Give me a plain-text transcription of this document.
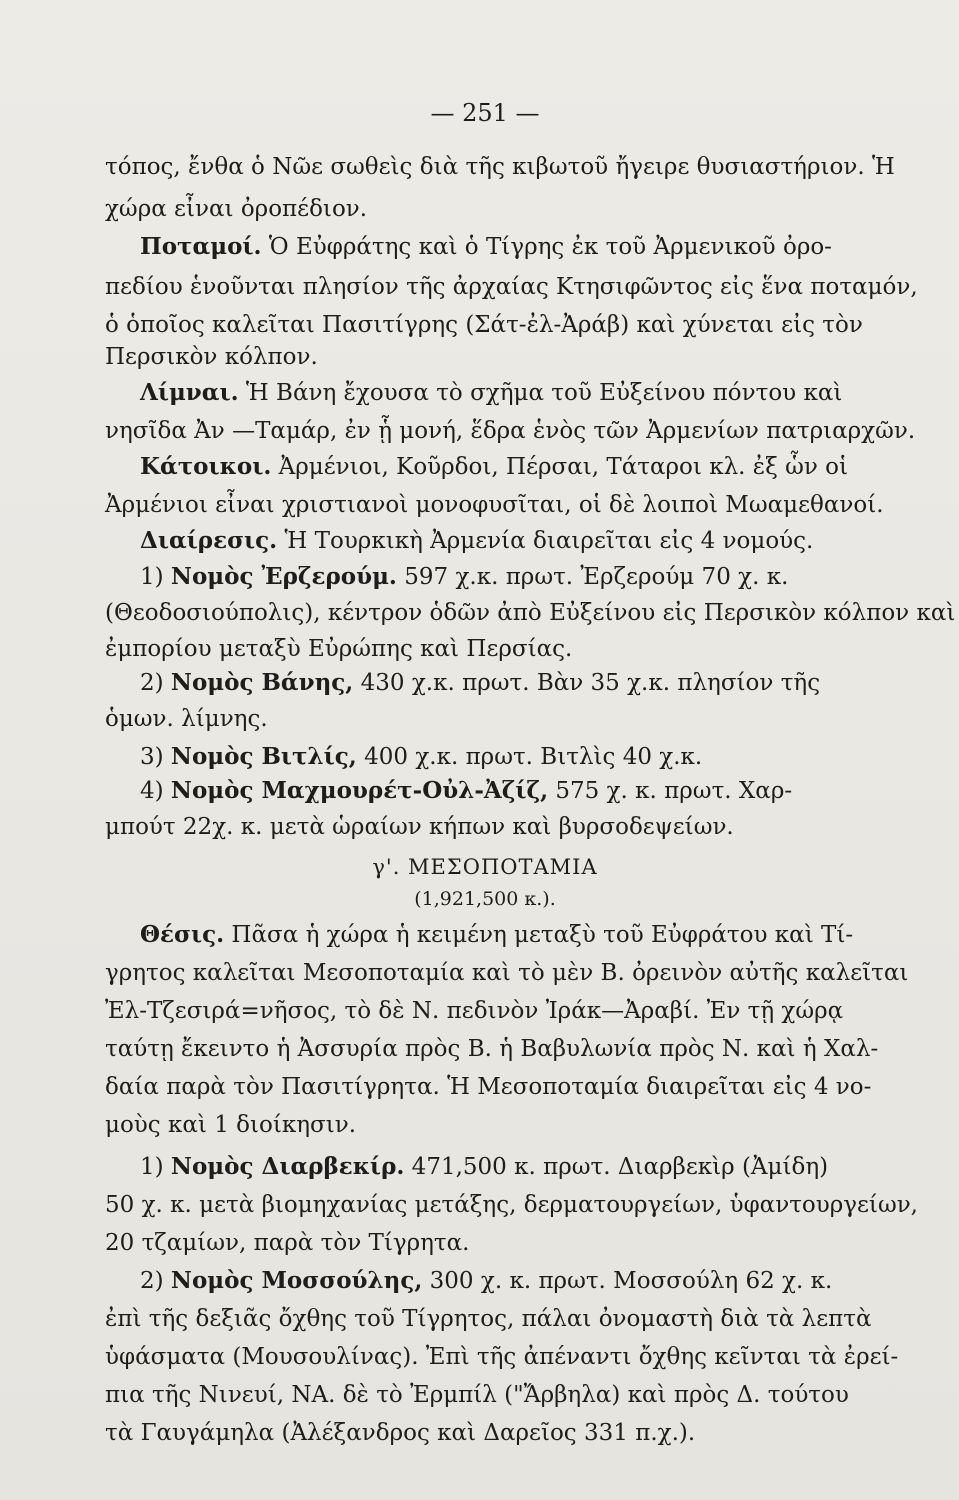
— 251 —
τόπος, ἔνθα ὁ Νῶε σωθεὶς διὰ τῆς κιβωτοῦ ἤγειρε θυσιαστήριον. Ἡ
χώρα εἶναι ὀροπέδιον.
Ποταμοί. Ὁ Εὐφράτης καὶ ὁ Τίγρης ἐκ τοῦ Ἀρμενικοῦ ὀρο-
πεδίου ἑνοῦνται πλησίον τῆς ἀρχαίας Κτησιφῶντος εἰς ἕνα ποταμόν,
ὁ ὁποῖος καλεῖται Πασιτίγρης (Σάτ-ἐλ-Ἀράβ) καὶ χύνεται εἰς τὸν
Περσικὸν κόλπον.
Λίμναι. Ἡ Βάνη ἔχουσα τὸ σχῆμα τοῦ Εὐξείνου πόντου καὶ
νησῖδα Ἀν —Ταμάρ, ἐν ᾗ μονή, ἕδρα ἑνὸς τῶν Ἀρμενίων πατριαρχῶν.
Κάτοικοι. Ἀρμένιοι, Κοῦρδοι, Πέρσαι, Τάταροι κλ. ἐξ ὧν οἱ
Ἀρμένιοι εἶναι χριστιανοὶ μονοφυσῖται, οἱ δὲ λοιποὶ Μωαμεθανοί.
Διαίρεσις. Ἡ Τουρκικὴ Ἀρμενία διαιρεῖται εἰς 4 νομούς.
1) Νομὸς Ἐρζερούμ. 597 χ.κ. πρωτ. Ἐρζερούμ 70 χ. κ.
(Θεοδοσιούπολις), κέντρον ὁδῶν ἀπὸ Εὐξείνου εἰς Περσικὸν κόλπον καὶ
ἐμπορίου μεταξὺ Εὐρώπης καὶ Περσίας.
2) Νομὸς Βάνης, 430 χ.κ. πρωτ. Βὰν 35 χ.κ. πλησίον τῆς
ὁμων. λίμνης.
3) Νομὸς Βιτλίς, 400 χ.κ. πρωτ. Βιτλὶς 40 χ.κ.
4) Νομὸς Μαχμουρέτ-Οὐλ-Ἀζίζ, 575 χ. κ. πρωτ. Χαρ-
μπούτ 22χ. κ. μετὰ ὡραίων κήπων καὶ βυρσοδεψείων.
γ'. ΜΕΣΟΠΟΤΑΜΙΑ
(1,921,500 κ.).
Θέσις. Πᾶσα ἡ χώρα ἡ κειμένη μεταξὺ τοῦ Εὐφράτου καὶ Τί-
γρητος καλεῖται Μεσοποταμία καὶ τὸ μὲν Β. ὀρεινὸν αὐτῆς καλεῖται
Ἐλ-Τζεσιρά=νῆσος, τὸ δὲ Ν. πεδινὸν Ἰράκ—Ἀραβί. Ἐν τῇ χώρᾳ
ταύτῃ ἔκειντο ἡ Ἀσσυρία πρὸς Β. ἡ Βαβυλωνία πρὸς Ν. καὶ ἡ Χαλ-
δαία παρὰ τὸν Πασιτίγρητα. Ἡ Μεσοποταμία διαιρεῖται εἰς 4 νο-
μοὺς καὶ 1 διοίκησιν.
1) Νομὸς Διαρβεκίρ. 471,500 κ. πρωτ. Διαρβεκὶρ (Ἀμίδη)
50 χ. κ. μετὰ βιομηχανίας μετάξης, δερματουργείων, ὑφαντουργείων,
20 τζαμίων, παρὰ τὸν Τίγρητα.
2) Νομὸς Μοσσούλης, 300 χ. κ. πρωτ. Μοσσούλη 62 χ. κ.
ἐπὶ τῆς δεξιᾶς ὄχθης τοῦ Τίγρητος, πάλαι ὀνομαστὴ διὰ τὰ λεπτὰ
ὑφάσματα (Μουσουλίνας). Ἐπὶ τῆς ἀπέναντι ὄχθης κεῖνται τὰ ἐρεί-
πια τῆς Νινευί, ΝΑ. δὲ τὸ Ἐρμπίλ ("Ἄρβηλα) καὶ πρὸς Δ. τούτου
τὰ Γαυγάμηλα (Ἀλέξανδρος καὶ Δαρεῖος 331 π.χ.).
